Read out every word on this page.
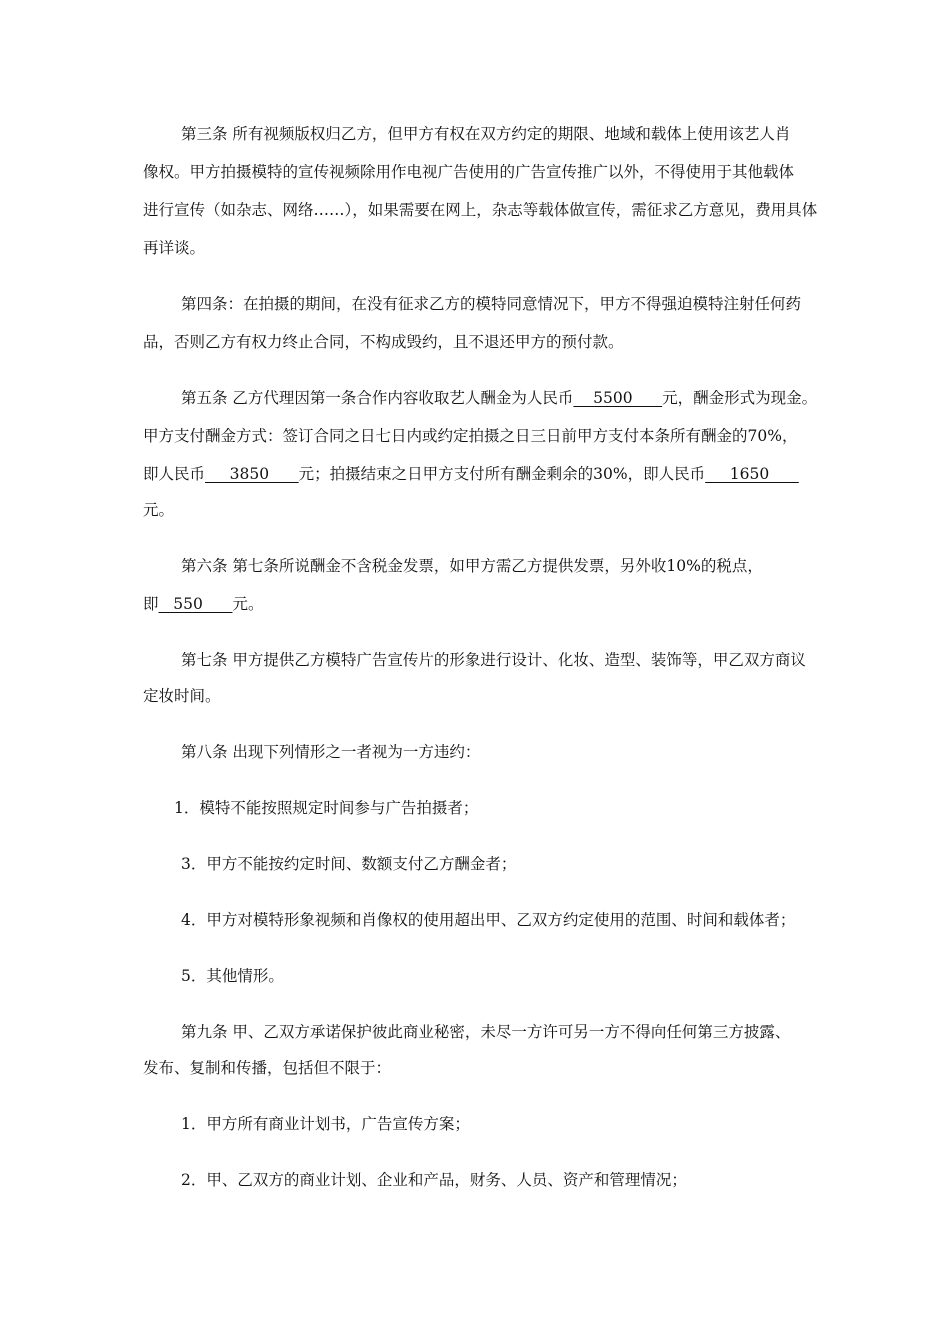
第三条 所有视频版权归乙方，但甲方有权在双方约定的期限、地域和载体上使用该艺人肖
像权。甲方拍摄模特的宣传视频除用作电视广告使用的广告宣传推广以外，不得使用于其他载体
进行宣传（如杂志、网络……），如果需要在网上，杂志等载体做宣传，需征求乙方意见，费用具体
再详谈。
第四条：在拍摄的期间，在没有征求乙方的模特同意情况下，甲方不得强迫模特注射任何药
品，否则乙方有权力终止合同，不构成毁约，且不退还甲方的预付款。
第五条 乙方代理因第一条合作内容收取艺人酬金为人民币    5500      元，酬金形式为现金。
甲方支付酬金方式：签订合同之日七日内或约定拍摄之日三日前甲方支付本条所有酬金的70%，
即人民币     3850      元；拍摄结束之日甲方支付所有酬金剩余的30%，即人民币     1650
元。
第六条 第七条所说酬金不含税金发票，如甲方需乙方提供发票，另外收10%的税点，
即   550      元。
第七条 甲方提供乙方模特广告宣传片的形象进行设计、化妆、造型、装饰等，甲乙双方商议
定妆时间。
第八条 出现下列情形之一者视为一方违约：
1．模特不能按照规定时间参与广告拍摄者；
3．甲方不能按约定时间、数额支付乙方酬金者；
4．甲方对模特形象视频和肖像权的使用超出甲、乙双方约定使用的范围、时间和载体者；
5．其他情形。
第九条 甲、乙双方承诺保护彼此商业秘密，未尽一方许可另一方不得向任何第三方披露、
发布、复制和传播，包括但不限于：
1．甲方所有商业计划书，广告宣传方案；
2．甲、乙双方的商业计划、企业和产品，财务、人员、资产和管理情况；
